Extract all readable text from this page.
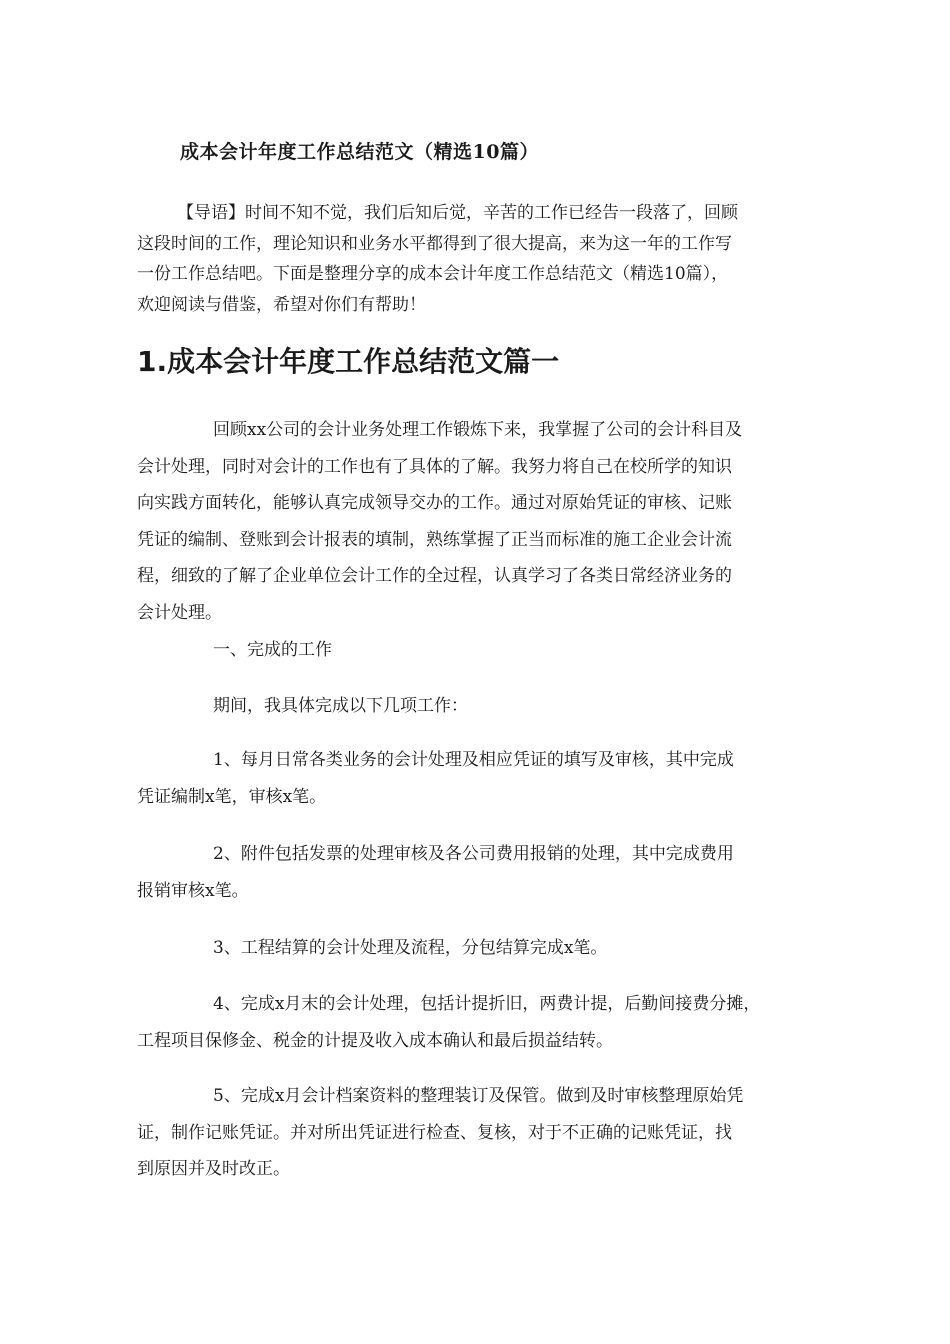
成本会计年度工作总结范文（精选10篇）

【导语】时间不知不觉，我们后知后觉，辛苦的工作已经告一段落了，回顾
这段时间的工作，理论知识和业务水平都得到了很大提高，来为这一年的工作写
一份工作总结吧。下面是整理分享的成本会计年度工作总结范文（精选10篇），
欢迎阅读与借鉴，希望对你们有帮助！

1.成本会计年度工作总结范文篇一

回顾xx公司的会计业务处理工作锻炼下来，我掌握了公司的会计科目及
会计处理，同时对会计的工作也有了具体的了解。我努力将自己在校所学的知识
向实践方面转化，能够认真完成领导交办的工作。通过对原始凭证的审核、记账
凭证的编制、登账到会计报表的填制，熟练掌握了正当而标准的施工企业会计流
程，细致的了解了企业单位会计工作的全过程，认真学习了各类日常经济业务的
会计处理。

一、完成的工作

期间，我具体完成以下几项工作：

1、每月日常各类业务的会计处理及相应凭证的填写及审核，其中完成
凭证编制x笔，审核x笔。

2、附件包括发票的处理审核及各公司费用报销的处理，其中完成费用
报销审核x笔。

3、工程结算的会计处理及流程，分包结算完成x笔。

4、完成x月末的会计处理，包括计提折旧，两费计提，后勤间接费分摊，
工程项目保修金、税金的计提及收入成本确认和最后损益结转。

5、完成x月会计档案资料的整理装订及保管。做到及时审核整理原始凭
证，制作记账凭证。并对所出凭证进行检查、复核，对于不正确的记账凭证，找
到原因并及时改正。
